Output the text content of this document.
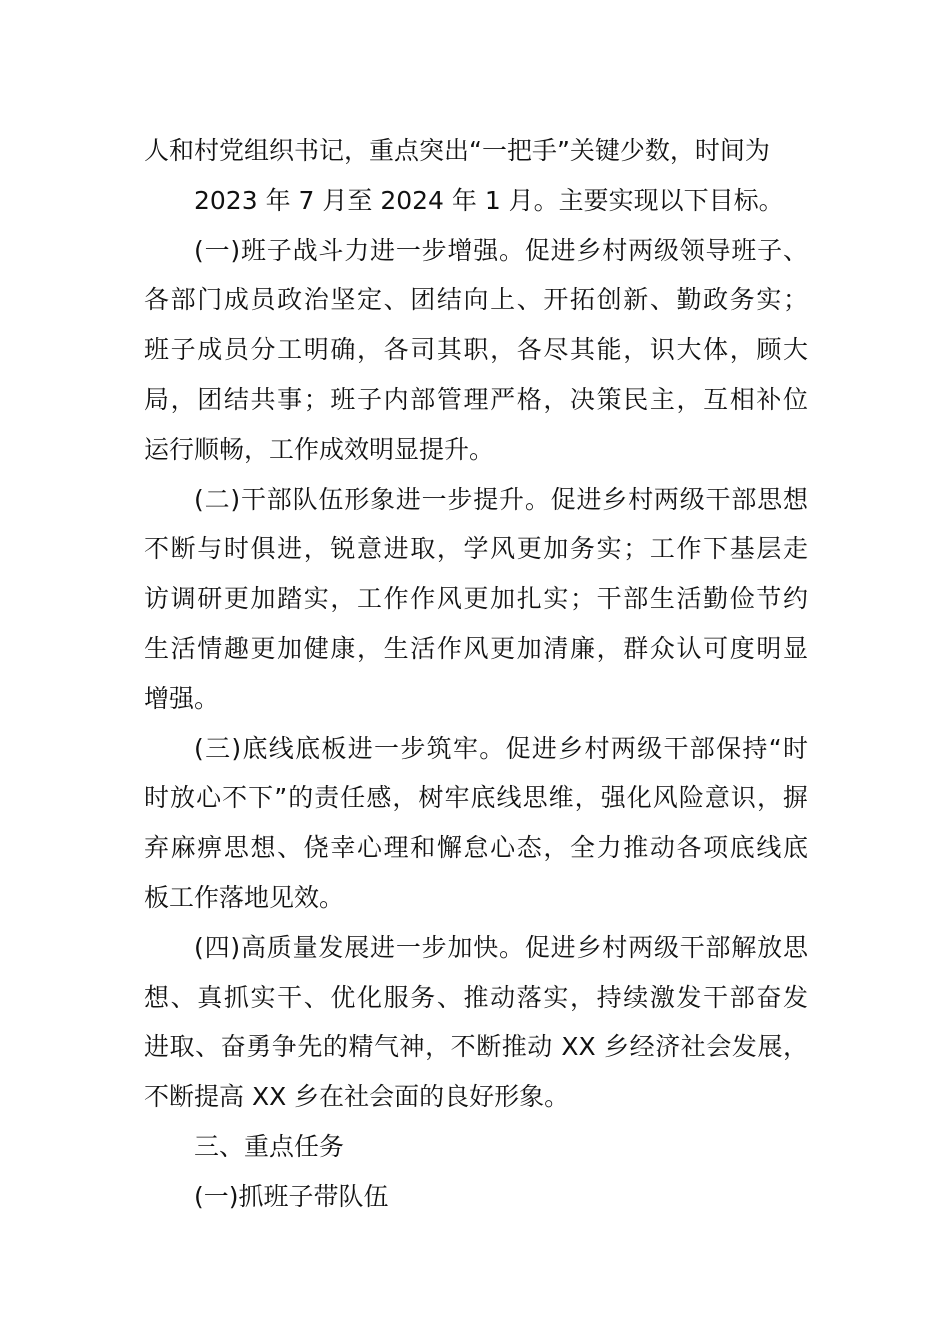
人和村党组织书记，重点突出“一把手”关键少数，时间为
2023 年 7 月至 2024 年 1 月。主要实现以下目标。
(一)班子战斗力进一步增强。促进乡村两级领导班子、
各部门成员政治坚定、团结向上、开拓创新、勤政务实；
班子成员分工明确，各司其职，各尽其能，识大体，顾大
局，团结共事；班子内部管理严格，决策民主，互相补位
运行顺畅，工作成效明显提升。
(二)干部队伍形象进一步提升。促进乡村两级干部思想
不断与时俱进，锐意进取，学风更加务实；工作下基层走
访调研更加踏实，工作作风更加扎实；干部生活勤俭节约
生活情趣更加健康，生活作风更加清廉，群众认可度明显
增强。
(三)底线底板进一步筑牢。促进乡村两级干部保持“时
时放心不下”的责任感，树牢底线思维，强化风险意识，摒
弃麻痹思想、侥幸心理和懈怠心态，全力推动各项底线底
板工作落地见效。
(四)高质量发展进一步加快。促进乡村两级干部解放思
想、真抓实干、优化服务、推动落实，持续激发干部奋发
进取、奋勇争先的精气神，不断推动 XX 乡经济社会发展，
不断提高 XX 乡在社会面的良好形象。
三、重点任务
(一)抓班子带队伍
